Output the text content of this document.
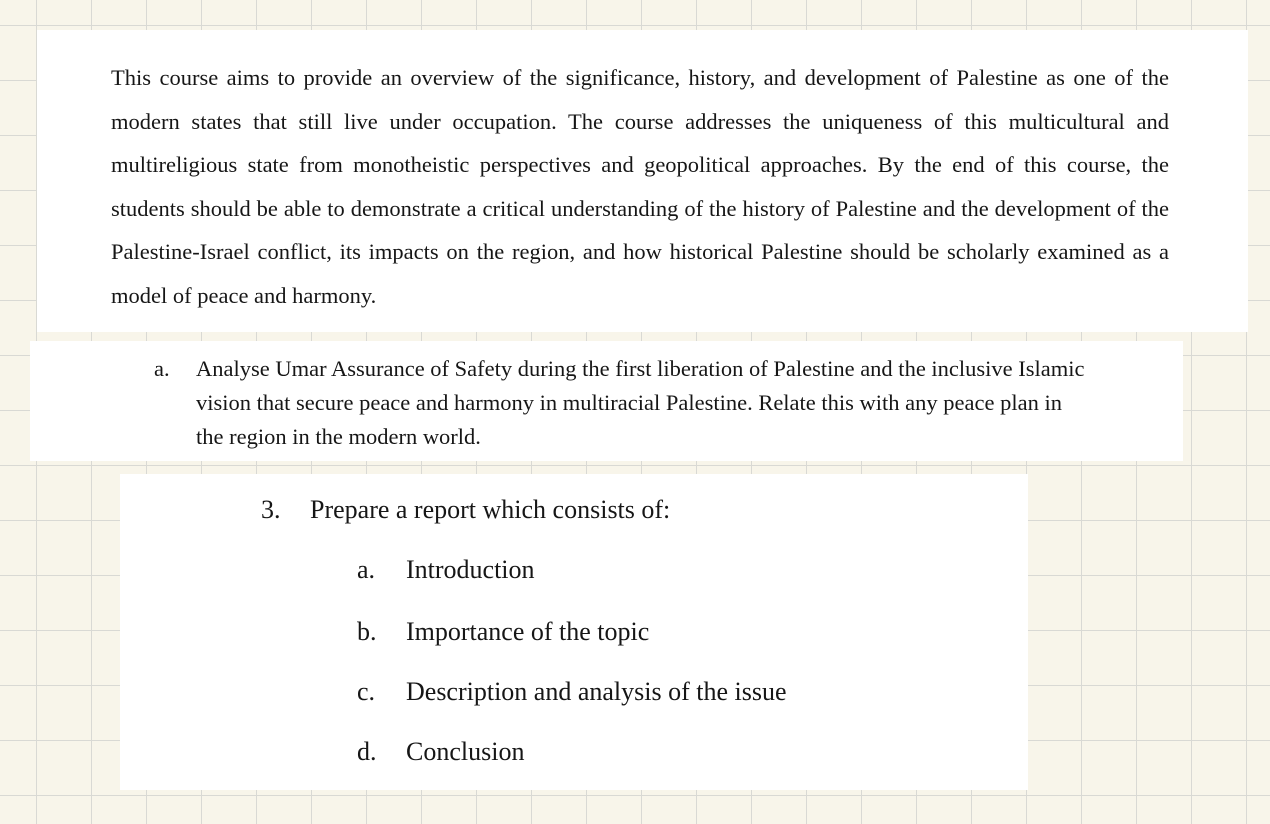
This course aims to provide an overview of the significance, history, and development of Palestine as one of the modern states that still live under occupation. The course addresses the uniqueness of this multicultural and multireligious state from monotheistic perspectives and geopolitical approaches. By the end of this course, the students should be able to demonstrate a critical understanding of the history of Palestine and the development of the Palestine-Israel conflict, its impacts on the region, and how historical Palestine should be scholarly examined as a model of peace and harmony.

a. Analyse Umar Assurance of Safety during the first liberation of Palestine and the inclusive Islamic vision that secure peace and harmony in multiracial Palestine. Relate this with any peace plan in the region in the modern world.

3. Prepare a report which consists of:
a. Introduction
b. Importance of the topic
c. Description and analysis of the issue
d. Conclusion
